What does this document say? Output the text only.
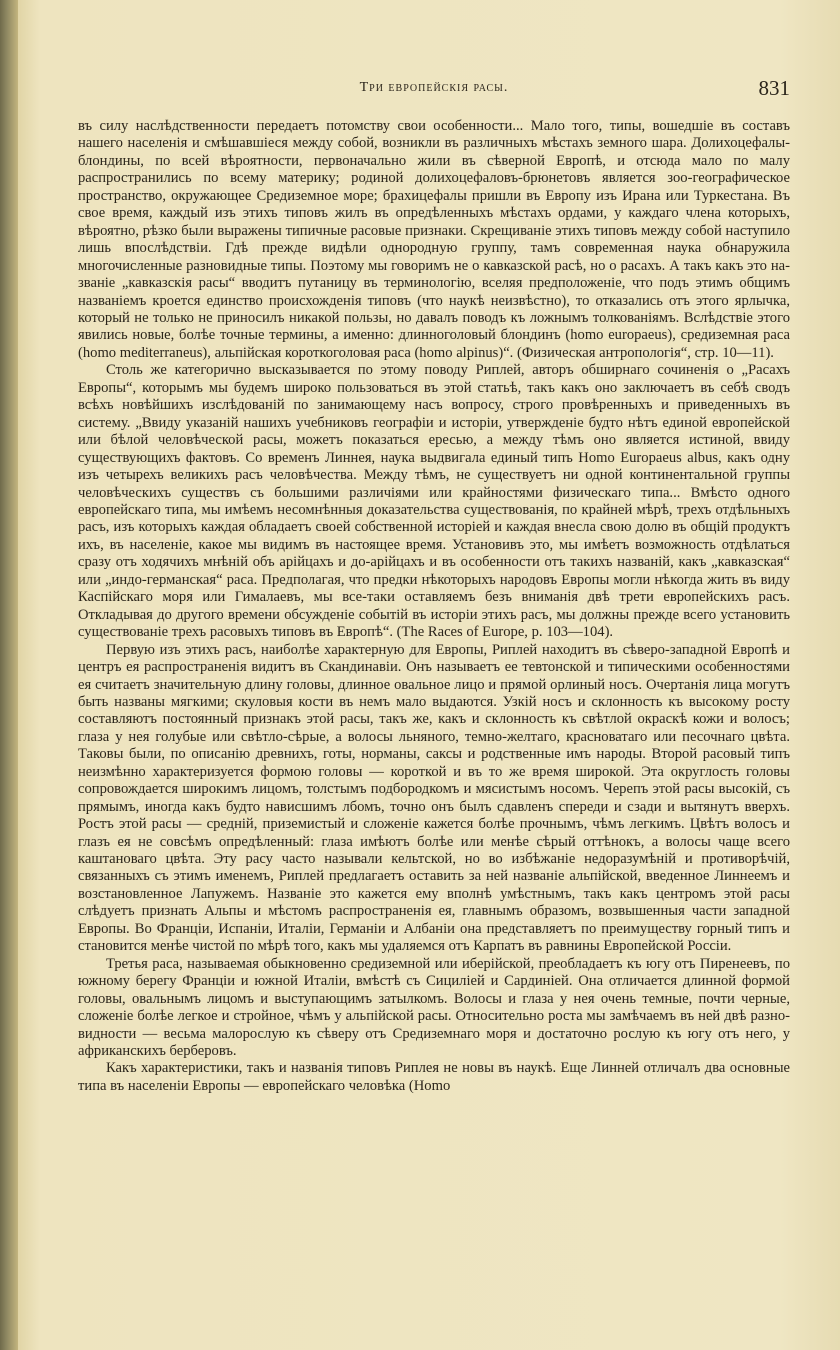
Три европейскія расы.	831

въ силу наслѣдственности передаетъ потомству свои особенности... Мало того, типы, вошедшіе въ составъ нашего населенія и смѣшавшіеся между собой, возникли въ различныхъ мѣстахъ земного шара. Долихоцефалы-блондины, по всей вѣроятности, первоначально жили въ сѣверной Европѣ, и отсюда мало по малу распространились по всему материку; родиной долихоцефаловъ-брюнетовъ является зоо-географическое пространство, окружающее Средиземное море; брахицефалы пришли въ Европу изъ Ирана или Туркестана. Въ свое время, каждый изъ этихъ типовъ жилъ въ опредѣленныхъ мѣстахъ ордами, у каждаго члена которыхъ, вѣроятно, рѣзко были выражены типичные расовые признаки. Скрещиваніе этихъ типовъ между собой наступило лишь впослѣдствіи. Гдѣ прежде видѣли однородную группу, тамъ современная наука обнаружила многочисленные разновидные типы. Поэтому мы говоримъ не о кавказской расѣ, но о расахъ. А такъ какъ это названіе „кавказскія расы“ вводитъ путаницу въ терминологію, вселяя предположеніе, что подъ этимъ общимъ названіемъ кроется единство происхожденія типовъ (что наукѣ неизвѣстно), то отказались отъ этого ярлычка, который не только не приносилъ никакой пользы, но давалъ поводъ къ ложнымъ толкованіямъ. Вслѣдствіе этого явились новые, болѣе точные термины, а именно: длинноголовый блондинъ (homo europaeus), средиземная раса (homo mediterraneus), альпійская короткоголовая раса (homo alpinus)“. (Физическая антропологія“, стр. 10—11).

Столь же категорично высказывается по этому поводу Риплей, авторъ обширнаго сочиненія о „Расахъ Европы“, которымъ мы будемъ широко пользоваться въ этой статьѣ, такъ какъ оно заключаетъ въ себѣ сводъ всѣхъ новѣйшихъ изслѣдованій по занимающему насъ вопросу, строго провѣренныхъ и приведенныхъ въ систему. „Ввиду указаній нашихъ учебниковъ географіи и исторіи, утвержденіе будто нѣтъ единой европейской или бѣлой человѣческой расы, можетъ показаться ересью, а между тѣмъ оно является истиной, ввиду существующихъ фактовъ. Со временъ Линнея, наука выдвигала единый типъ Homo Europaeus albus, какъ одну изъ четырехъ великихъ расъ человѣчества. Между тѣмъ, не существуетъ ни одной континентальной группы человѣческихъ существъ съ большими различіями или крайностями физическаго типа... Вмѣсто одного европейскаго типа, мы имѣемъ несомнѣнныя доказательства существованія, по крайней мѣрѣ, трехъ отдѣльныхъ расъ, изъ которыхъ каждая обладаетъ своей собственной исторіей и каждая внесла свою долю въ общій продуктъ ихъ, въ населеніе, какое мы видимъ въ настоящее время. Установивъ это, мы имѣетъ возможность отдѣлаться сразу отъ ходячихъ мнѣній объ арійцахъ и до-арійцахъ и въ особенности отъ такихъ названій, какъ „кавказская“ или „индо-германская“ раса. Предполагая, что предки нѣкоторыхъ народовъ Европы могли нѣкогда жить въ виду Каспійскаго моря или Гималаевъ, мы все-таки оставляемъ безъ вниманія двѣ трети европейскихъ расъ. Откладывая до другого времени обсужденіе событій въ исторіи этихъ расъ, мы должны прежде всего установить существованіе трехъ расовыхъ типовъ въ Европѣ“. (The Races of Europe, p. 103—104).

Первую изъ этихъ расъ, наиболѣе характерную для Европы, Риплей находитъ въ сѣверо-западной Европѣ и центръ ея распространенія видитъ въ Скандинавіи. Онъ называетъ ее тевтонской и типическими особенностями ея считаетъ значительную длину головы, длинное овальное лицо и прямой орлиный носъ. Очертанія лица могутъ быть названы мягкими; скуловыя кости въ немъ мало выдаются. Узкій носъ и склонность къ высокому росту составляютъ постоянный признакъ этой расы, такъ же, какъ и склонность къ свѣтлой окраскѣ кожи и волосъ; глаза у нея голубые или свѣтло-сѣрые, а волосы льняного, темно-желтаго, красноватаго или песочнаго цвѣта. Таковы были, по описанію древнихъ, готы, норманы, саксы и родственные имъ народы. Второй расовый типъ неизмѣнно характеризуется формою головы — короткой и въ то же время широкой. Эта округлость головы сопровождается широкимъ лицомъ, толстымъ подбородкомъ и мясистымъ носомъ. Черепъ этой расы высокій, съ прямымъ, иногда какъ будто нависшимъ лбомъ, точно онъ былъ сдавленъ спереди и сзади и вытянутъ вверхъ. Ростъ этой расы — средній, приземистый и сложеніе кажется болѣе прочнымъ, чѣмъ легкимъ. Цвѣтъ волосъ и глазъ ея не совсѣмъ опредѣленный: глаза имѣютъ болѣе или менѣе сѣрый оттѣнокъ, а волосы чаще всего каштановаго цвѣта. Эту расу часто называли кельтской, но во избѣжаніе недоразумѣній и противорѣчій, связанныхъ съ этимъ именемъ, Риплей предлагаетъ оставить за ней названіе альпійской, введенное Линнеемъ и возстановленное Лапужемъ. Названіе это кажется ему вполнѣ умѣстнымъ, такъ какъ центромъ этой расы слѣдуетъ признать Альпы и мѣстомъ распространенія ея, главнымъ образомъ, возвышенныя части западной Европы. Во Франціи, Испаніи, Италіи, Германіи и Албаніи она представляетъ по преимуществу горный типъ и становится менѣе чистой по мѣрѣ того, какъ мы удаляемся отъ Карпатъ въ равнины Европейской Россіи.

Третья раса, называемая обыкновенно средиземной или иберійской, преобладаетъ къ югу отъ Пиренеевъ, по южному берегу Франціи и южной Италіи, вмѣстѣ съ Сициліей и Сардиніей. Она отличается длинной формой головы, овальнымъ лицомъ и выступающимъ затылкомъ. Волосы и глаза у нея очень темные, почти черные, сложеніе болѣе легкое и стройное, чѣмъ у альпійской расы. Относительно роста мы замѣчаемъ въ ней двѣ разновидности — весьма малорослую къ сѣверу отъ Средиземнаго моря и достаточно рослую къ югу отъ него, у африканскихъ берберовъ.

Какъ характеристики, такъ и названія типовъ Риплея не новы въ наукѣ. Еще Линней отличалъ два основные типа въ населеніи Европы — европейскаго человѣка (Homo
